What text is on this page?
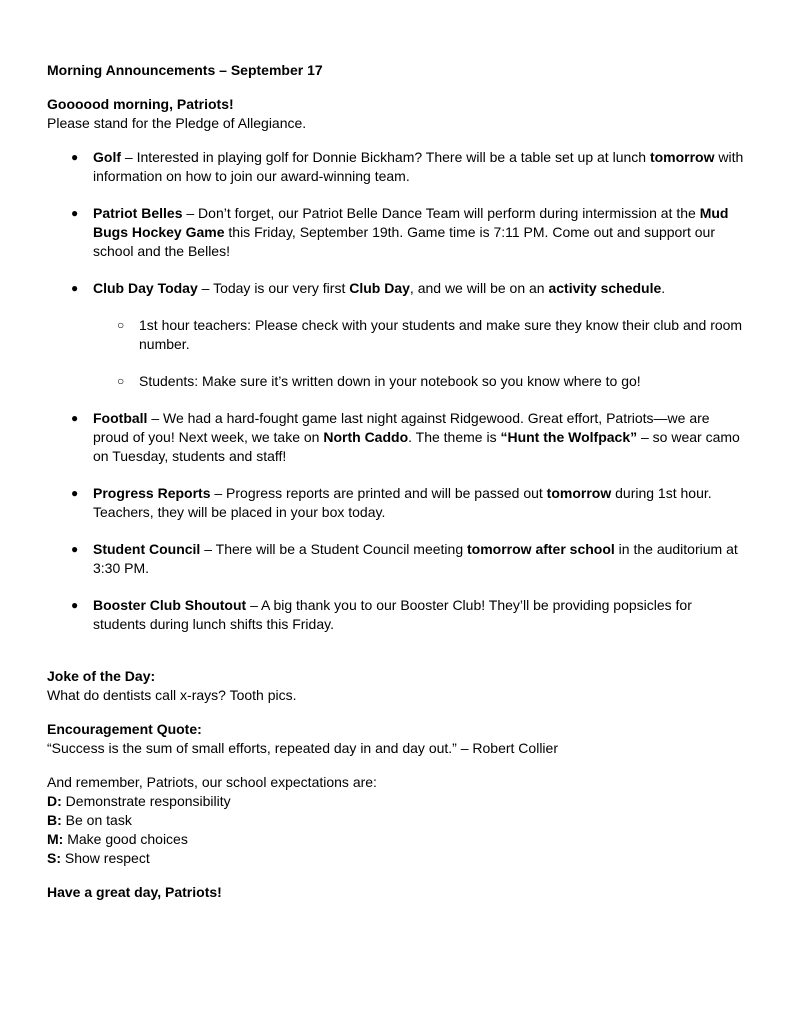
Morning Announcements – September 17

Goooood morning, Patriots!

Please stand for the Pledge of Allegiance.

● Golf – Interested in playing golf for Donnie Bickham? There will be a table set up at lunch tomorrow with information on how to join our award-winning team.
● Patriot Belles – Don’t forget, our Patriot Belle Dance Team will perform during intermission at the Mud Bugs Hockey Game this Friday, September 19th. Game time is 7:11 PM. Come out and support our school and the Belles!
● Club Day Today – Today is our very first Club Day, and we will be on an activity schedule.
○ 1st hour teachers: Please check with your students and make sure they know their club and room number.
○ Students: Make sure it’s written down in your notebook so you know where to go!
● Football – We had a hard-fought game last night against Ridgewood. Great effort, Patriots—we are proud of you! Next week, we take on North Caddo. The theme is “Hunt the Wolfpack” – so wear camo on Tuesday, students and staff!
● Progress Reports – Progress reports are printed and will be passed out tomorrow during 1st hour. Teachers, they will be placed in your box today.
● Student Council – There will be a Student Council meeting tomorrow after school in the auditorium at 3:30 PM.
● Booster Club Shoutout – A big thank you to our Booster Club! They’ll be providing popsicles for students during lunch shifts this Friday.

Joke of the Day:

What do dentists call x-rays? Tooth pics.

Encouragement Quote:

“Success is the sum of small efforts, repeated day in and day out.” – Robert Collier

And remember, Patriots, our school expectations are:

D: Demonstrate responsibility

B: Be on task

M: Make good choices

S: Show respect

Have a great day, Patriots!
